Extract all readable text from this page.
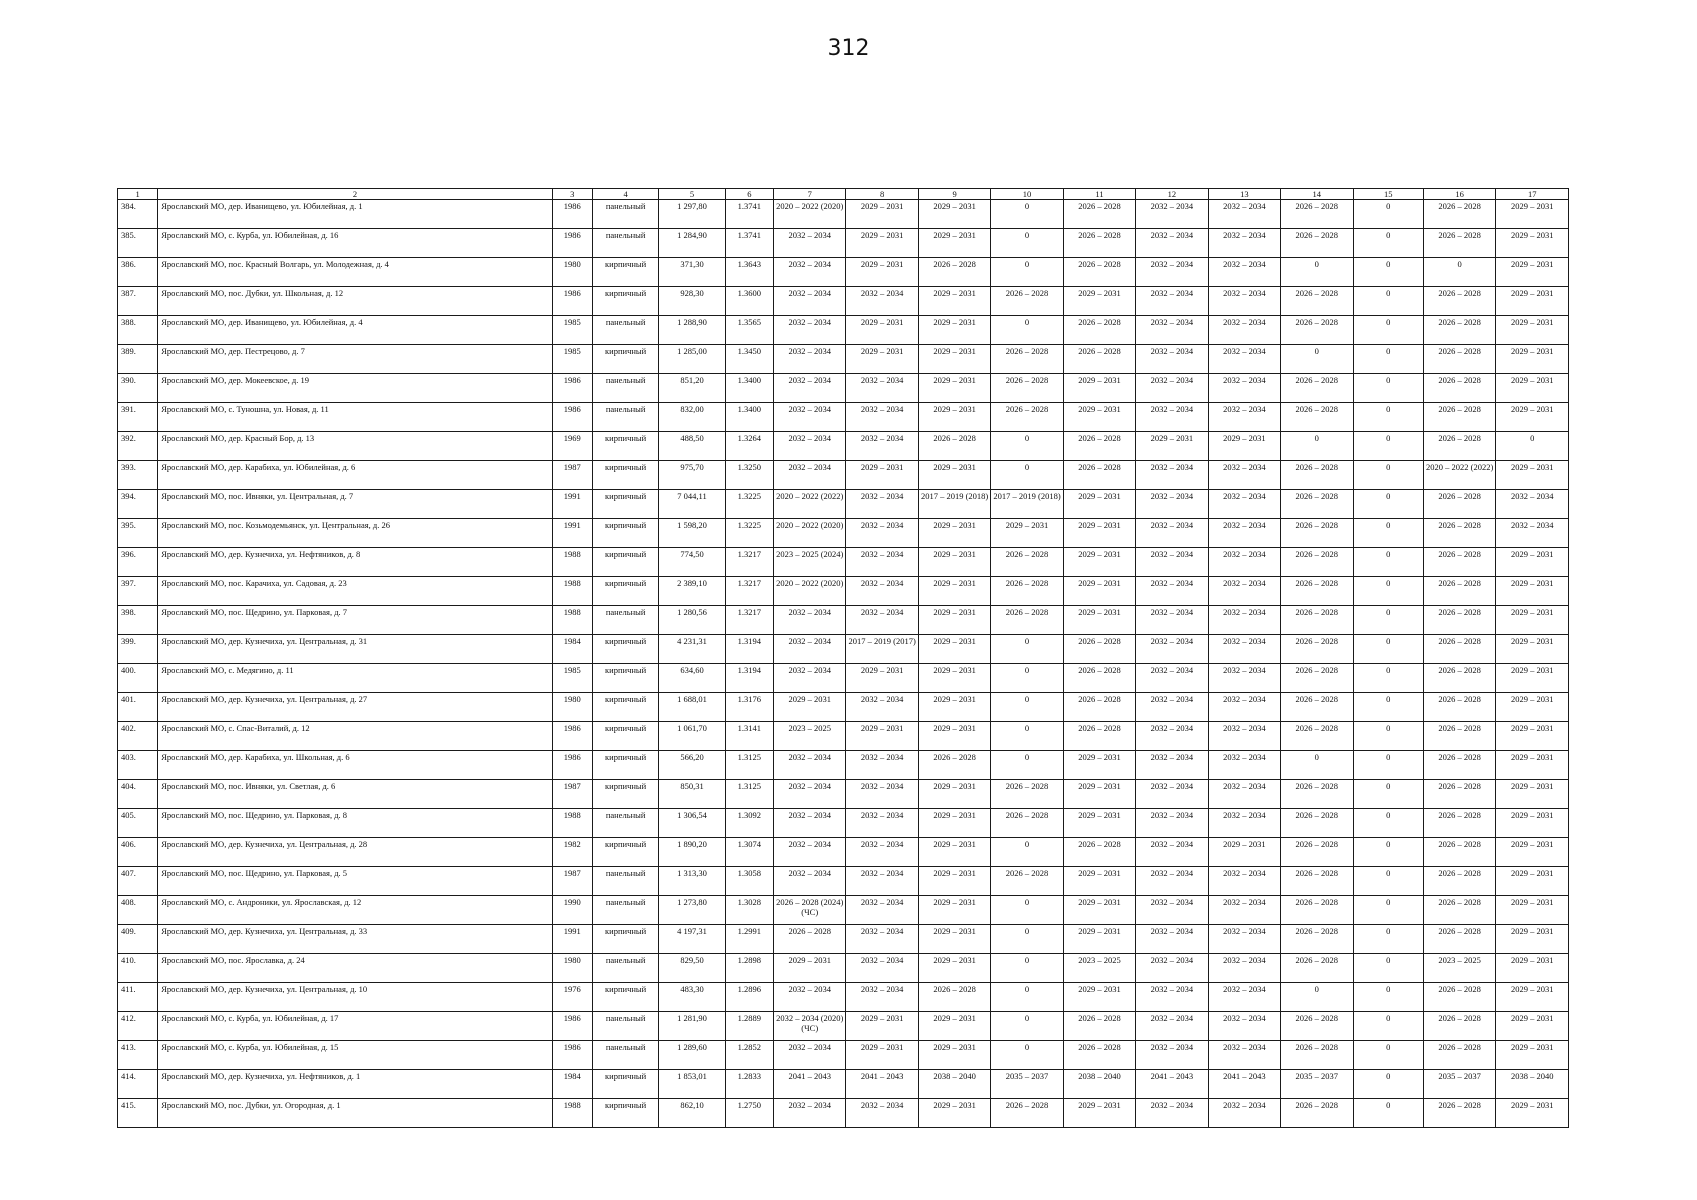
312
1	2	3	4	5	6	7	8	9	10	11	12	13	14	15	16	17
384.	Ярославский МО, дер. Иванищево, ул. Юбилейная, д. 1	1986	панельный	1 297,80	1.3741	2020 – 2022 (2020)	2029 – 2031	2029 – 2031	0	2026 – 2028	2032 – 2034	2032 – 2034	2026 – 2028	0	2026 – 2028	2029 – 2031
385.	Ярославский МО, с. Курба, ул. Юбилейная, д. 16	1986	панельный	1 284,90	1.3741	2032 – 2034	2029 – 2031	2029 – 2031	0	2026 – 2028	2032 – 2034	2032 – 2034	2026 – 2028	0	2026 – 2028	2029 – 2031
386.	Ярославский МО, пос. Красный Волгарь, ул. Молодежная, д. 4	1980	кирпичный	371,30	1.3643	2032 – 2034	2029 – 2031	2026 – 2028	0	2026 – 2028	2032 – 2034	2032 – 2034	0	0	0	2029 – 2031
387.	Ярославский МО, пос. Дубки, ул. Школьная, д. 12	1986	кирпичный	928,30	1.3600	2032 – 2034	2032 – 2034	2029 – 2031	2026 – 2028	2029 – 2031	2032 – 2034	2032 – 2034	2026 – 2028	0	2026 – 2028	2029 – 2031
388.	Ярославский МО, дер. Иванищево, ул. Юбилейная, д. 4	1985	панельный	1 288,90	1.3565	2032 – 2034	2029 – 2031	2029 – 2031	0	2026 – 2028	2032 – 2034	2032 – 2034	2026 – 2028	0	2026 – 2028	2029 – 2031
389.	Ярославский МО, дер. Пестрецово, д. 7	1985	кирпичный	1 285,00	1.3450	2032 – 2034	2029 – 2031	2029 – 2031	2026 – 2028	2026 – 2028	2032 – 2034	2032 – 2034	0	0	2026 – 2028	2029 – 2031
390.	Ярославский МО, дер. Мокеевское, д. 19	1986	панельный	851,20	1.3400	2032 – 2034	2032 – 2034	2029 – 2031	2026 – 2028	2029 – 2031	2032 – 2034	2032 – 2034	2026 – 2028	0	2026 – 2028	2029 – 2031
391.	Ярославский МО, с. Туношна, ул. Новая, д. 11	1986	панельный	832,00	1.3400	2032 – 2034	2032 – 2034	2029 – 2031	2026 – 2028	2029 – 2031	2032 – 2034	2032 – 2034	2026 – 2028	0	2026 – 2028	2029 – 2031
392.	Ярославский МО, дер. Красный Бор, д. 13	1969	кирпичный	488,50	1.3264	2032 – 2034	2032 – 2034	2026 – 2028	0	2026 – 2028	2029 – 2031	2029 – 2031	0	0	2026 – 2028	0
393.	Ярославский МО, дер. Карабиха, ул. Юбилейная, д. 6	1987	кирпичный	975,70	1.3250	2032 – 2034	2029 – 2031	2029 – 2031	0	2026 – 2028	2032 – 2034	2032 – 2034	2026 – 2028	0	2020 – 2022 (2022)	2029 – 2031
394.	Ярославский МО, пос. Ивняки, ул. Центральная, д. 7	1991	кирпичный	7 044,11	1.3225	2020 – 2022 (2022)	2032 – 2034	2017 – 2019 (2018)	2017 – 2019 (2018)	2029 – 2031	2032 – 2034	2032 – 2034	2026 – 2028	0	2026 – 2028	2032 – 2034
395.	Ярославский МО, пос. Козьмодемьянск, ул. Центральная, д. 26	1991	кирпичный	1 598,20	1.3225	2020 – 2022 (2020)	2032 – 2034	2029 – 2031	2029 – 2031	2029 – 2031	2032 – 2034	2032 – 2034	2026 – 2028	0	2026 – 2028	2032 – 2034
396.	Ярославский МО, дер. Кузнечиха, ул. Нефтяников, д. 8	1988	кирпичный	774,50	1.3217	2023 – 2025 (2024)	2032 – 2034	2029 – 2031	2026 – 2028	2029 – 2031	2032 – 2034	2032 – 2034	2026 – 2028	0	2026 – 2028	2029 – 2031
397.	Ярославский МО, пос. Карачиха, ул. Садовая, д. 23	1988	кирпичный	2 389,10	1.3217	2020 – 2022 (2020)	2032 – 2034	2029 – 2031	2026 – 2028	2029 – 2031	2032 – 2034	2032 – 2034	2026 – 2028	0	2026 – 2028	2029 – 2031
398.	Ярославский МО, пос. Щедрино, ул. Парковая, д. 7	1988	панельный	1 280,56	1.3217	2032 – 2034	2032 – 2034	2029 – 2031	2026 – 2028	2029 – 2031	2032 – 2034	2032 – 2034	2026 – 2028	0	2026 – 2028	2029 – 2031
399.	Ярославский МО, дер. Кузнечиха, ул. Центральная, д. 31	1984	кирпичный	4 231,31	1.3194	2032 – 2034	2017 – 2019 (2017)	2029 – 2031	0	2026 – 2028	2032 – 2034	2032 – 2034	2026 – 2028	0	2026 – 2028	2029 – 2031
400.	Ярославский МО, с. Медягино, д. 11	1985	кирпичный	634,60	1.3194	2032 – 2034	2029 – 2031	2029 – 2031	0	2026 – 2028	2032 – 2034	2032 – 2034	2026 – 2028	0	2026 – 2028	2029 – 2031
401.	Ярославский МО, дер. Кузнечиха, ул. Центральная, д. 27	1980	кирпичный	1 688,01	1.3176	2029 – 2031	2032 – 2034	2029 – 2031	0	2026 – 2028	2032 – 2034	2032 – 2034	2026 – 2028	0	2026 – 2028	2029 – 2031
402.	Ярославский МО, с. Спас-Виталий, д. 12	1986	кирпичный	1 061,70	1.3141	2023 – 2025	2029 – 2031	2029 – 2031	0	2026 – 2028	2032 – 2034	2032 – 2034	2026 – 2028	0	2026 – 2028	2029 – 2031
403.	Ярославский МО, дер. Карабиха, ул. Школьная, д. 6	1986	кирпичный	566,20	1.3125	2032 – 2034	2032 – 2034	2026 – 2028	0	2029 – 2031	2032 – 2034	2032 – 2034	0	0	2026 – 2028	2029 – 2031
404.	Ярославский МО, пос. Ивняки, ул. Светлая, д. 6	1987	кирпичный	850,31	1.3125	2032 – 2034	2032 – 2034	2029 – 2031	2026 – 2028	2029 – 2031	2032 – 2034	2032 – 2034	2026 – 2028	0	2026 – 2028	2029 – 2031
405.	Ярославский МО, пос. Щедрино, ул. Парковая, д. 8	1988	панельный	1 306,54	1.3092	2032 – 2034	2032 – 2034	2029 – 2031	2026 – 2028	2029 – 2031	2032 – 2034	2032 – 2034	2026 – 2028	0	2026 – 2028	2029 – 2031
406.	Ярославский МО, дер. Кузнечиха, ул. Центральная, д. 28	1982	кирпичный	1 890,20	1.3074	2032 – 2034	2032 – 2034	2029 – 2031	0	2026 – 2028	2032 – 2034	2029 – 2031	2026 – 2028	0	2026 – 2028	2029 – 2031
407.	Ярославский МО, пос. Щедрино, ул. Парковая, д. 5	1987	панельный	1 313,30	1.3058	2032 – 2034	2032 – 2034	2029 – 2031	2026 – 2028	2029 – 2031	2032 – 2034	2032 – 2034	2026 – 2028	0	2026 – 2028	2029 – 2031
408.	Ярославский МО, с. Андроники, ул. Ярославская, д. 12	1990	панельный	1 273,80	1.3028	2026 – 2028 (2024) (ЧС)	2032 – 2034	2029 – 2031	0	2029 – 2031	2032 – 2034	2032 – 2034	2026 – 2028	0	2026 – 2028	2029 – 2031
409.	Ярославский МО, дер. Кузнечиха, ул. Центральная, д. 33	1991	кирпичный	4 197,31	1.2991	2026 – 2028	2032 – 2034	2029 – 2031	0	2029 – 2031	2032 – 2034	2032 – 2034	2026 – 2028	0	2026 – 2028	2029 – 2031
410.	Ярославский МО, пос. Ярославка, д. 24	1980	панельный	829,50	1.2898	2029 – 2031	2032 – 2034	2029 – 2031	0	2023 – 2025	2032 – 2034	2032 – 2034	2026 – 2028	0	2023 – 2025	2029 – 2031
411.	Ярославский МО, дер. Кузнечиха, ул. Центральная, д. 10	1976	кирпичный	483,30	1.2896	2032 – 2034	2032 – 2034	2026 – 2028	0	2029 – 2031	2032 – 2034	2032 – 2034	0	0	2026 – 2028	2029 – 2031
412.	Ярославский МО, с. Курба, ул. Юбилейная, д. 17	1986	панельный	1 281,90	1.2889	2032 – 2034 (2020) (ЧС)	2029 – 2031	2029 – 2031	0	2026 – 2028	2032 – 2034	2032 – 2034	2026 – 2028	0	2026 – 2028	2029 – 2031
413.	Ярославский МО, с. Курба, ул. Юбилейная, д. 15	1986	панельный	1 289,60	1.2852	2032 – 2034	2029 – 2031	2029 – 2031	0	2026 – 2028	2032 – 2034	2032 – 2034	2026 – 2028	0	2026 – 2028	2029 – 2031
414.	Ярославский МО, дер. Кузнечиха, ул. Нефтяников, д. 1	1984	кирпичный	1 853,01	1.2833	2041 – 2043	2041 – 2043	2038 – 2040	2035 – 2037	2038 – 2040	2041 – 2043	2041 – 2043	2035 – 2037	0	2035 – 2037	2038 – 2040
415.	Ярославский МО, пос. Дубки, ул. Огородная, д. 1	1988	кирпичный	862,10	1.2750	2032 – 2034	2032 – 2034	2029 – 2031	2026 – 2028	2029 – 2031	2032 – 2034	2032 – 2034	2026 – 2028	0	2026 – 2028	2029 – 2031
